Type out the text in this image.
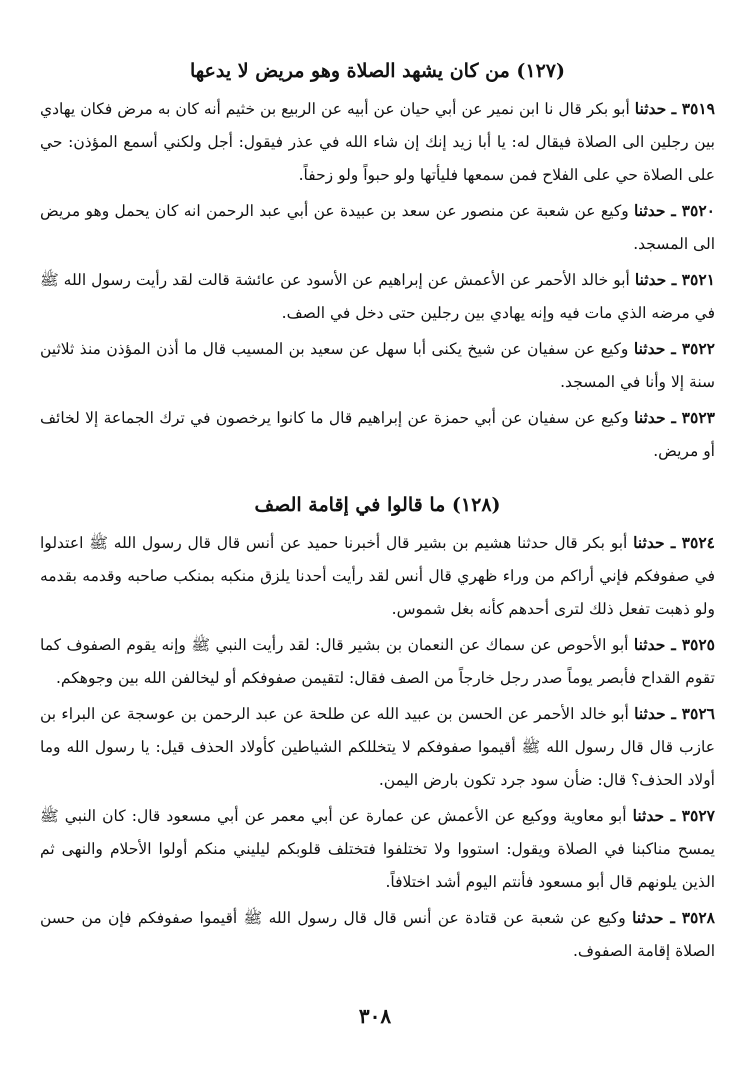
(١٢٧) من كان يشهد الصلاة وهو مريض لا يدعها

٣٥١٩ ـ حدثنا أبو بكر قال نا ابن نمير عن أبي حيان عن أبيه عن الربيع بن خثيم أنه كان به مرض فكان يهادي بين رجلين الى الصلاة فيقال له: يا أبا زيد إنك إن شاء الله في عذر فيقول: أجل ولكني أسمع المؤذن: حي على الصلاة حي على الفلاح فمن سمعها فليأتها ولو حبواً ولو زحفاً.

٣٥٢٠ ـ حدثنا وكيع عن شعبة عن منصور عن سعد بن عبيدة عن أبي عبد الرحمن انه كان يحمل وهو مريض الى المسجد.

٣٥٢١ ـ حدثنا أبو خالد الأحمر عن الأعمش عن إبراهيم عن الأسود عن عائشة قالت لقد رأيت رسول الله ﷺ في مرضه الذي مات فيه وإنه يهادي بين رجلين حتى دخل في الصف.

٣٥٢٢ ـ حدثنا وكيع عن سفيان عن شيخ يكنى أبا سهل عن سعيد بن المسيب قال ما أذن المؤذن منذ ثلاثين سنة إلا وأنا في المسجد.

٣٥٢٣ ـ حدثنا وكيع عن سفيان عن أبي حمزة عن إبراهيم قال ما كانوا يرخصون في ترك الجماعة إلا لخائف أو مريض.

(١٢٨) ما قالوا في إقامة الصف

٣٥٢٤ ـ حدثنا أبو بكر قال حدثنا هشيم بن بشير قال أخبرنا حميد عن أنس قال قال رسول الله ﷺ اعتدلوا في صفوفكم فإني أراكم من وراء ظهري قال أنس لقد رأيت أحدنا يلزق منكبه بمنكب صاحبه وقدمه بقدمه ولو ذهبت تفعل ذلك لترى أحدهم كأنه بغل شموس.

٣٥٢٥ ـ حدثنا أبو الأحوص عن سماك عن النعمان بن بشير قال: لقد رأيت النبي ﷺ وإنه يقوم الصفوف كما تقوم القداح فأبصر يوماً صدر رجل خارجاً من الصف فقال: لتقيمن صفوفكم أو ليخالفن الله بين وجوهكم.

٣٥٢٦ ـ حدثنا أبو خالد الأحمر عن الحسن بن عبيد الله عن طلحة عن عبد الرحمن بن عوسجة عن البراء بن عازب قال قال رسول الله ﷺ أقيموا صفوفكم لا يتخللكم الشياطين كأولاد الحذف قيل: يا رسول الله وما أولاد الحذف؟ قال: ضأن سود جرد تكون بارض اليمن.

٣٥٢٧ ـ حدثنا أبو معاوية ووكيع عن الأعمش عن عمارة عن أبي معمر عن أبي مسعود قال: كان النبي ﷺ يمسح مناكبنا في الصلاة ويقول: استووا ولا تختلفوا فتختلف قلوبكم ليليني منكم أولوا الأحلام والنهى ثم الذين يلونهم قال أبو مسعود فأنتم اليوم أشد اختلافاً.

٣٥٢٨ ـ حدثنا وكيع عن شعبة عن قتادة عن أنس قال قال رسول الله ﷺ أقيموا صفوفكم فإن من حسن الصلاة إقامة الصفوف.

٣٠٨
